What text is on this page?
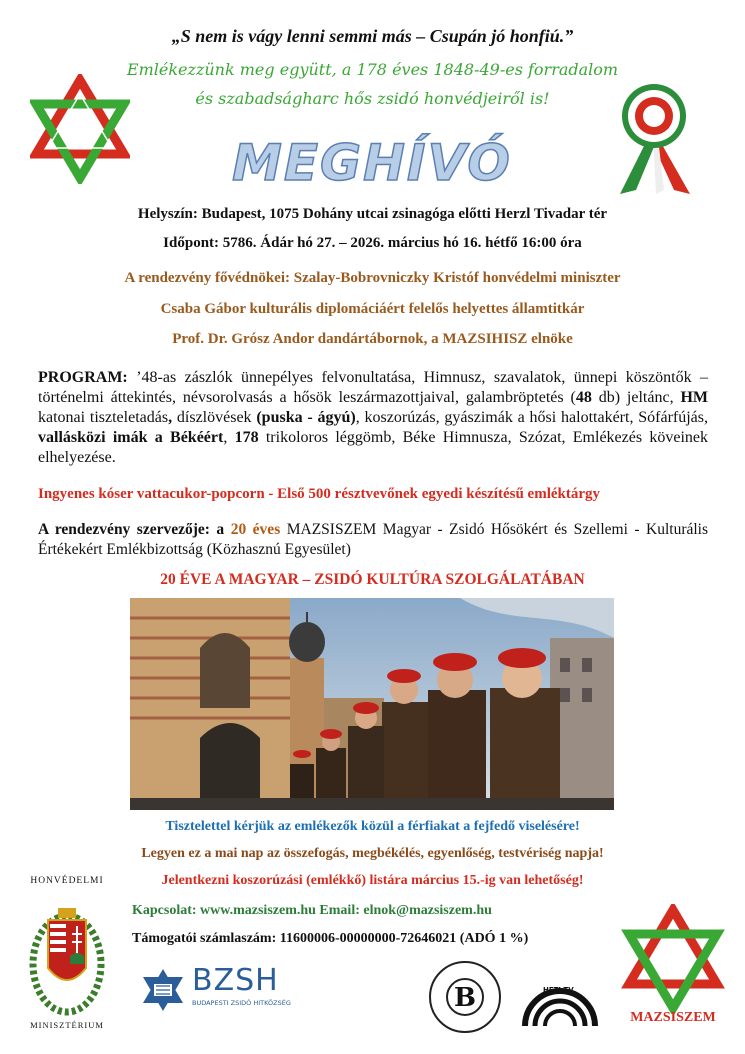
„S nem is vágy lenni semmi más – Csupán jó honfiú.”
Emlékezzünk meg együtt, a 178 éves 1848-49-es forradalom
és szabadságharc hős zsidó honvédjeiről is!
MEGHÍVÓ
Helyszín: Budapest, 1075 Dohány utcai zsinagóga előtti Herzl Tivadar tér
Időpont: 5786. Ádár hó 27. – 2026. március hó 16. hétfő 16:00 óra
A rendezvény fővédnökei: Szalay-Bobrovniczky Kristóf honvédelmi miniszter
Csaba Gábor kulturális diplomáciáért felelős helyettes államtitkár
Prof. Dr. Grósz Andor dandártábornok, a MAZSIHISZ elnöke
PROGRAM: ’48-as zászlók ünnepélyes felvonultatása, Himnusz, szavalatok, ünnepi köszöntők – történelmi áttekintés, névsorolvasás a hősök leszármazottjaival, galambröptetés (48 db) jeltánc, HM katonai tiszteletadás, díszlövések (puska - ágyú), koszorúzás, gyászimák a hősi halottakért, Sófárfújás, vallásközi imák a Békéért, 178 trikoloros léggömb, Béke Himnusza, Szózat, Emlékezés köveinek elhelyezése.
Ingyenes kóser vattacukor-popcorn - Első 500 résztvevőnek egyedi készítésű emléktárgy
A rendezvény szervezője: a 20 éves MAZSISZEM Magyar - Zsidó Hősökért és Szellemi - Kulturális Értékekért Emlékbizottság (Közhasznú Egyesület)
20 ÉVE A MAGYAR – ZSIDÓ KULTÚRA SZOLGÁLATÁBAN
Tisztelettel kérjük az emlékezők közül a férfiakat a fejfedő viselésére!
Legyen ez a mai nap az összefogás, megbékélés, egyenlőség, testvériség napja!
Jelentkezni koszorúzási (emlékkő) listára március 15.-ig van lehetőség!
Kapcsolat: www.mazsiszem.hu Email: elnok@mazsiszem.hu
Támogatói számlaszám: 11600006-00000000-72646021 (ADÓ 1 %)
HONVÉDELMI
MINISZTÉRIUM
BZSH
BUDAPESTI ZSIDÓ HITKÖZSÉG	B	HETI TV
MAZSISZEM
